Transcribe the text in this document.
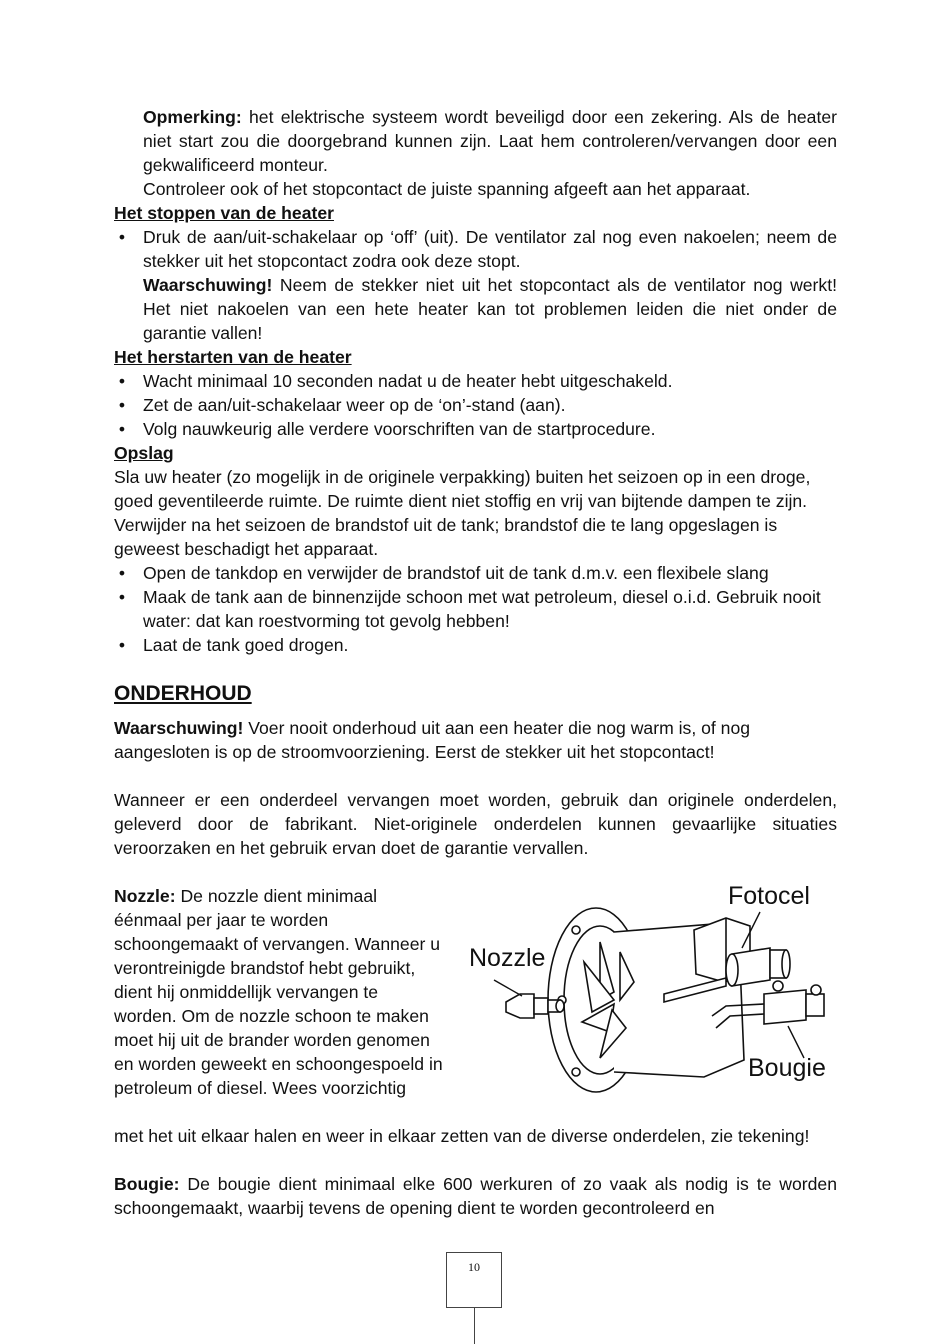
Opmerking: het elektrische systeem wordt beveiligd door een zekering. Als de heater niet start zou die doorgebrand kunnen zijn. Laat hem controleren/vervangen door een gekwalificeerd monteur.

Controleer ook of het stopcontact de juiste spanning afgeeft aan het apparaat.

Het stoppen van de heater

• Druk de aan/uit-schakelaar op ‘off’ (uit). De ventilator zal nog even nakoelen; neem de stekker uit het stopcontact zodra ook deze stopt.

Waarschuwing! Neem de stekker niet uit het stopcontact als de ventilator nog werkt! Het niet nakoelen van een hete heater kan tot problemen leiden die niet onder de garantie vallen!

Het herstarten van de heater

• Wacht minimaal 10 seconden nadat u de heater hebt uitgeschakeld.
• Zet de aan/uit-schakelaar weer op de ‘on’-stand (aan).
• Volg nauwkeurig alle verdere voorschriften van de startprocedure.

Opslag

Sla uw heater (zo mogelijk in de originele verpakking) buiten het seizoen op in een droge, goed geventileerde ruimte. De ruimte dient niet stoffig en vrij van bijtende dampen te zijn. Verwijder na het seizoen de brandstof uit de tank; brandstof die te lang opgeslagen is geweest beschadigt het apparaat.

• Open de tankdop en verwijder de brandstof uit de tank d.m.v. een flexibele slang
• Maak de tank aan de binnenzijde schoon met wat petroleum, diesel o.i.d. Gebruik nooit water: dat kan roestvorming tot gevolg hebben!
• Laat de tank goed drogen.

ONDERHOUD

Waarschuwing! Voer nooit onderhoud uit aan een heater die nog warm is, of nog aangesloten is op de stroomvoorziening. Eerst de stekker uit het stopcontact!

Wanneer er een onderdeel vervangen moet worden, gebruik dan originele onderdelen, geleverd door de fabrikant. Niet-originele onderdelen kunnen gevaarlijke situaties veroorzaken en het gebruik ervan doet de garantie vervallen.

Nozzle: De nozzle dient minimaal éénmaal per jaar te worden schoongemaakt of vervangen. Wanneer u verontreinigde brandstof hebt gebruikt, dient hij onmiddellijk vervangen te worden. Om de nozzle schoon te maken moet hij uit de brander worden genomen en worden geweekt en schoongespoeld in petroleum of diesel. Wees voorzichtig

Nozzle
Fotocel
Bougie

met het uit elkaar halen en weer in elkaar zetten van de diverse onderdelen, zie tekening!

Bougie: De bougie dient minimaal elke 600 werkuren of zo vaak als nodig is te worden schoongemaakt, waarbij tevens de opening dient te worden gecontroleerd en

10
